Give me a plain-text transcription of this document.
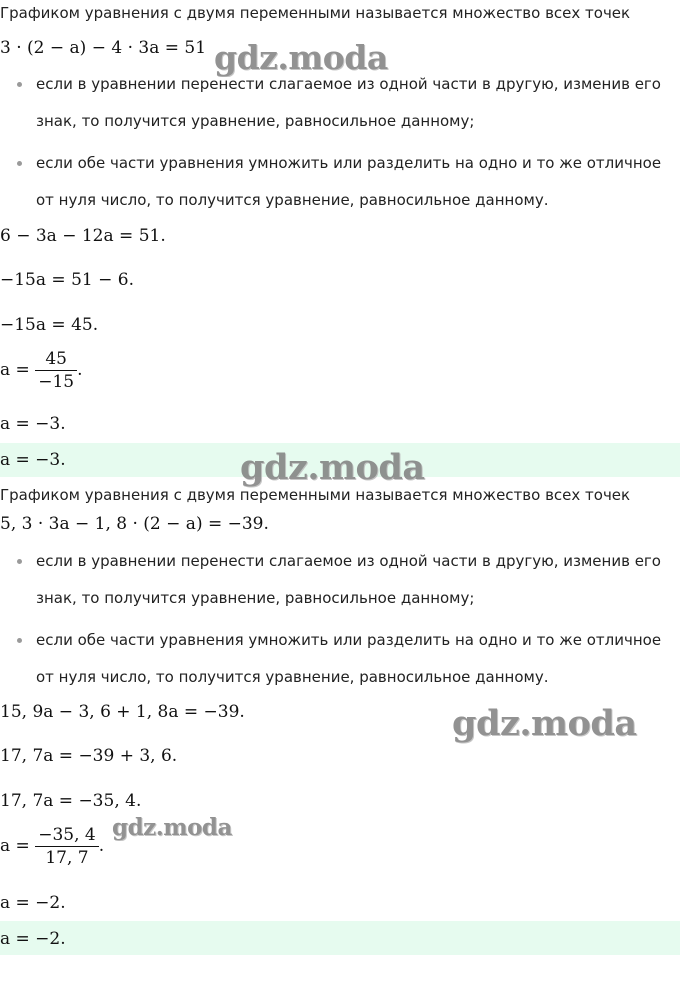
Графиком уравнения с двумя переменными называется множество всех точек
3 · (2 − a) − 4 · 3a = 51
если в уравнении перенести слагаемое из одной части в другую, изменив его знак, то получится уравнение, равносильное данному;
если обе части уравнения умножить или разделить на одно и то же отличное от нуля число, то получится уравнение, равносильное данному.
6 − 3a − 12a = 51.
−15a = 51 − 6.
−15a = 45.
$a = \frac{45}{-15}$ .
a = −3.
a = −3.
Графиком уравнения с двумя переменными называется множество всех точек
5, 3 · 3a − 1, 8 · (2 − a) = −39.
если в уравнении перенести слагаемое из одной части в другую, изменив его знак, то получится уравнение, равносильное данному;
если обе части уравнения умножить или разделить на одно и то же отличное от нуля число, то получится уравнение, равносильное данному.
15, 9a − 3, 6 + 1, 8a = −39.
17, 7a = −39 + 3, 6.
17, 7a = −35, 4.
$a = \frac{-35, 4}{17, 7}$ .
a = −2.
a = −2.
gdz.moda
gdz.moda
gdz.moda
gdz.moda
